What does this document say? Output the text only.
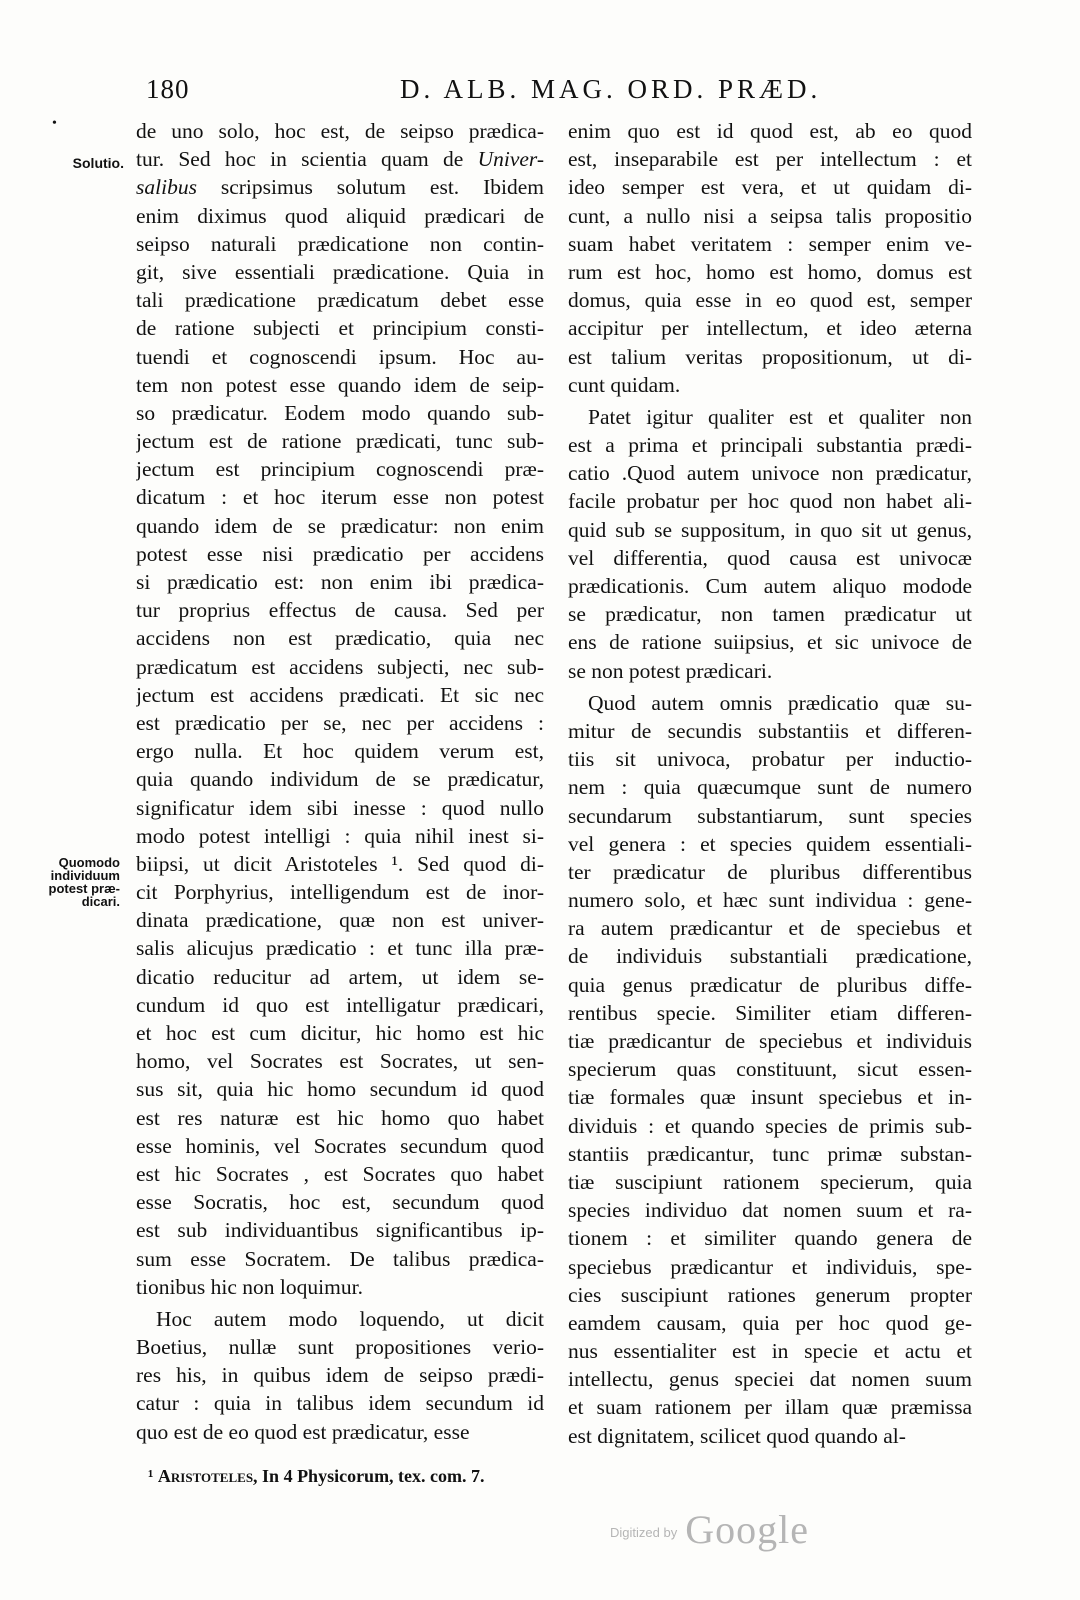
180	D. ALB. MAG. ORD. PRÆD.
•
Solutio.
Quomodo
individuum
potest præ-
dicari.
de uno solo, hoc est, de seipso prædica-
tur. Sed hoc in scientia quam de Univer-
salibus scripsimus solutum est. Ibidem
enim diximus quod aliquid prædicari de
seipso naturali prædicatione non contin-
git, sive essentiali prædicatione. Quia in
tali prædicatione prædicatum debet esse
de ratione subjecti et principium consti-
tuendi et cognoscendi ipsum. Hoc au-
tem non potest esse quando idem de seip-
so prædicatur. Eodem modo quando sub-
jectum est de ratione prædicati, tunc sub-
jectum est principium cognoscendi præ-
dicatum : et hoc iterum esse non potest
quando idem de se prædicatur: non enim
potest esse nisi prædicatio per accidens
si prædicatio est: non enim ibi prædica-
tur proprius effectus de causa. Sed per
accidens non est prædicatio, quia nec
prædicatum est accidens subjecti, nec sub-
jectum est accidens prædicati. Et sic nec
est prædicatio per se, nec per accidens :
ergo nulla. Et hoc quidem verum est,
quia quando individum de se prædicatur,
significatur idem sibi inesse : quod nullo
modo potest intelligi : quia nihil inest si-
biipsi, ut dicit Aristoteles ¹. Sed quod di-
cit Porphyrius, intelligendum est de inor-
dinata prædicatione, quæ non est univer-
salis alicujus prædicatio : et tunc illa præ-
dicatio reducitur ad artem, ut idem se-
cundum id quo est intelligatur prædicari,
et hoc est cum dicitur, hic homo est hic
homo, vel Socrates est Socrates, ut sen-
sus sit, quia hic homo secundum id quod
est res naturæ est hic homo quo habet
esse hominis, vel Socrates secundum quod
est hic Socrates , est Socrates quo habet
esse Socratis, hoc est, secundum quod
est sub individuantibus significantibus ip-
sum esse Socratem. De talibus prædica-
tionibus hic non loquimur.
Hoc autem modo loquendo, ut dicit
Boetius, nullæ sunt propositiones verio-
res his, in quibus idem de seipso prædi-
catur : quia in talibus idem secundum id
quo est de eo quod est prædicatur, esse
enim quo est id quod est, ab eo quod
est, inseparabile est per intellectum : et
ideo semper est vera, et ut quidam di-
cunt, a nullo nisi a seipsa talis propositio
suam habet veritatem : semper enim ve-
rum est hoc, homo est homo, domus est
domus, quia esse in eo quod est, semper
accipitur per intellectum, et ideo æterna
est talium veritas propositionum, ut di-
cunt quidam.
Patet igitur qualiter est et qualiter non
est a prima et principali substantia prædi-
catio .Quod autem univoce non prædicatur,
facile probatur per hoc quod non habet ali-
quid sub se suppositum, in quo sit ut genus,
vel differentia, quod causa est univocæ
prædicationis. Cum autem aliquo modode
se prædicatur, non tamen prædicatur ut
ens de ratione suiipsius, et sic univoce de
se non potest prædicari.
Quod autem omnis prædicatio quæ su-
mitur de secundis substantiis et differen-
tiis sit univoca, probatur per inductio-
nem : quia quæcumque sunt de numero
secundarum substantiarum, sunt species
vel genera : et species quidem essentiali-
ter prædicatur de pluribus differentibus
numero solo, et hæc sunt individua : gene-
ra autem prædicantur et de speciebus et
de individuis substantiali prædicatione,
quia genus prædicatur de pluribus diffe-
rentibus specie. Similiter etiam differen-
tiæ prædicantur de speciebus et individuis
specierum quas constituunt, sicut essen-
tiæ formales quæ insunt speciebus et in-
dividuis : et quando species de primis sub-
stantiis prædicantur, tunc primæ substan-
tiæ suscipiunt rationem specierum, quia
species individuo dat nomen suum et ra-
tionem : et similiter quando genera de
speciebus prædicantur et individuis, spe-
cies suscipiunt rationes generum propter
eamdem causam, quia per hoc quod ge-
nus essentialiter est in specie et actu et
intellectu, genus speciei dat nomen suum
et suam rationem per illam quæ præmissa
est dignitatem, scilicet quod quando al-
¹ Aristoteles, In 4 Physicorum, tex. com. 7.
$^{Digitized by}$ Google
